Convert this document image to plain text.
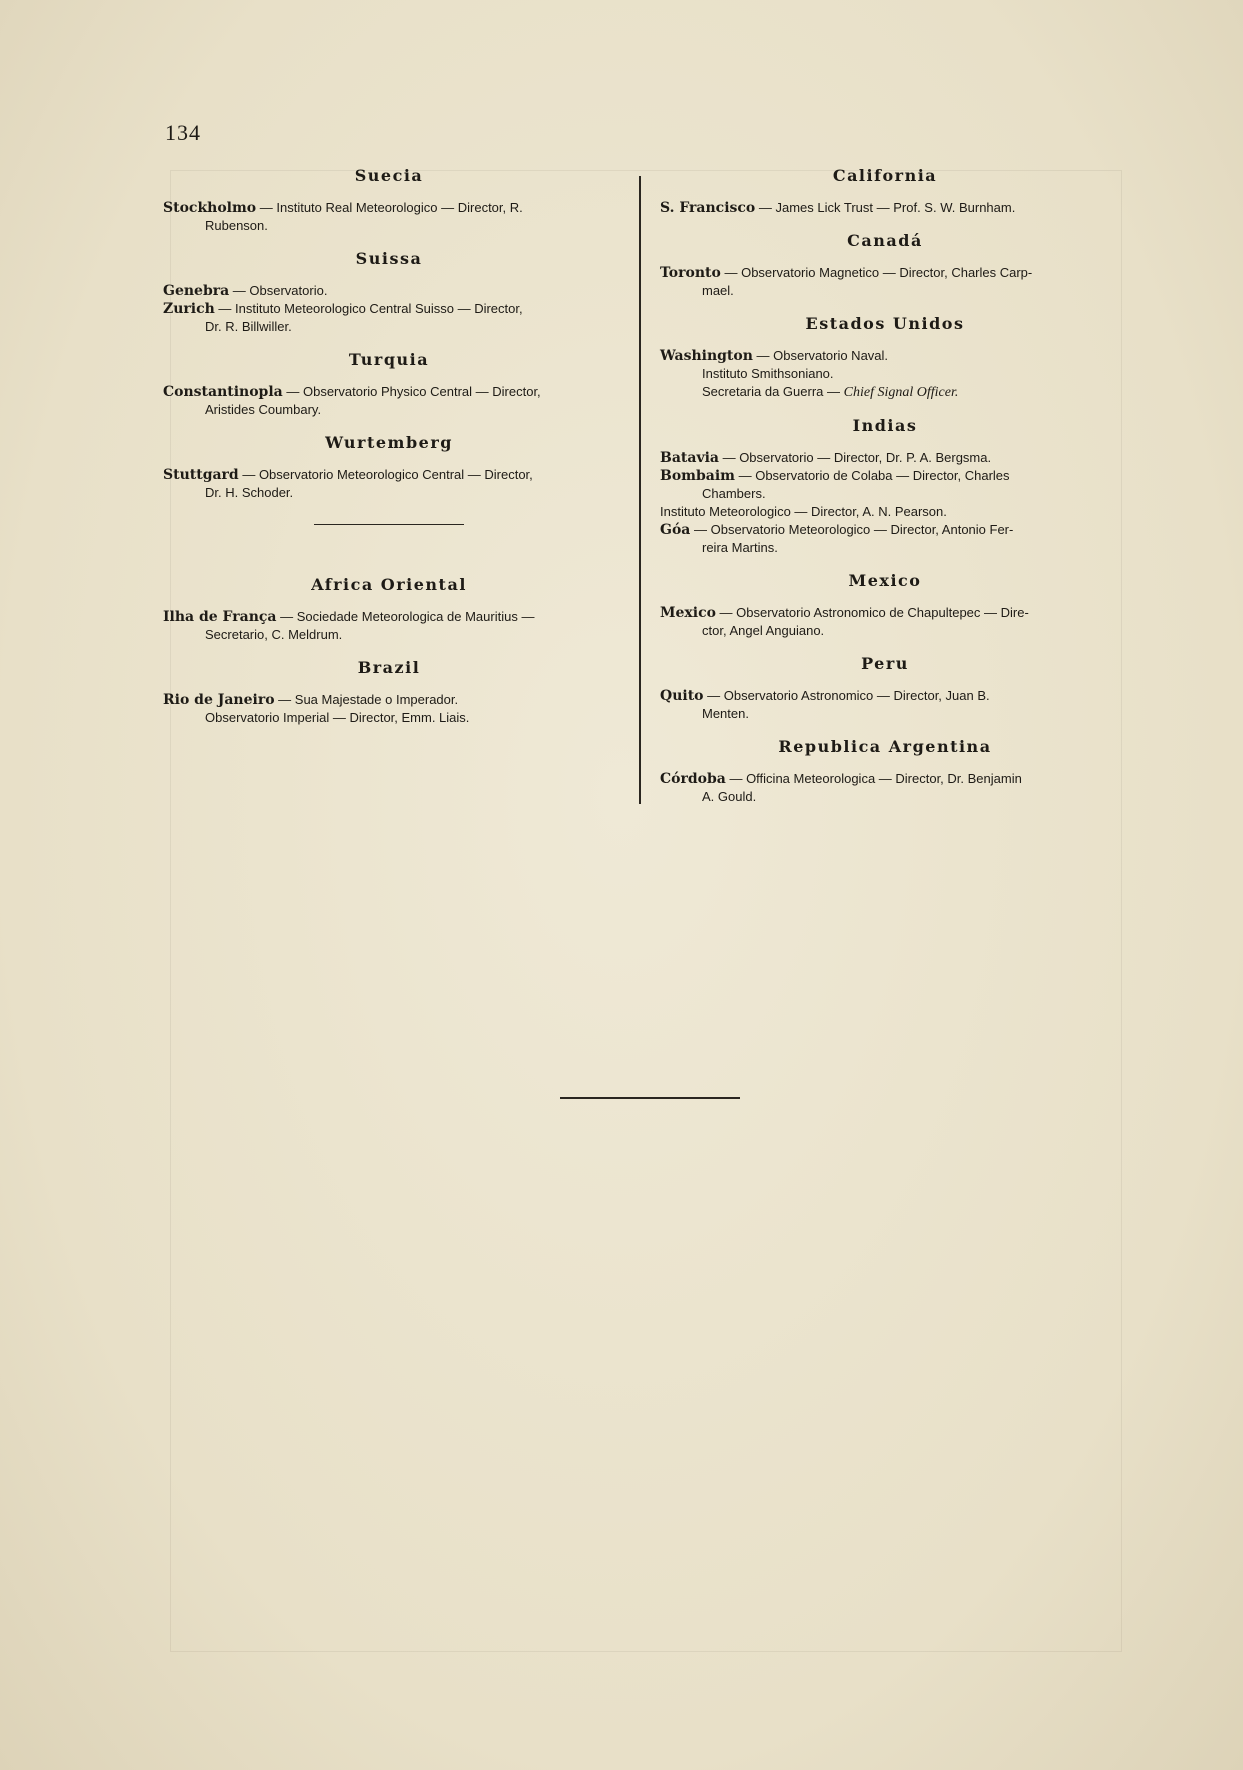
134
Suecia

Stockholmo — Instituto Real Meteorologico — Director, R.
Rubenson.

Suissa

Genebra — Observatorio.

Zurich — Instituto Meteorologico Central Suisso — Director,
Dr. R. Billwiller.

Turquia

Constantinopla — Observatorio Physico Central — Director,
Aristides Coumbary.

Wurtemberg

Stuttgard — Observatorio Meteorologico Central — Director,
Dr. H. Schoder.

Africa Oriental

Ilha de França — Sociedade Meteorologica de Mauritius —
Secretario, C. Meldrum.

Brazil

Rio de Janeiro — Sua Majestade o Imperador.
Observatorio Imperial — Director, Emm. Liais.

California

S. Francisco — James Lick Trust — Prof. S. W. Burnham.

Canadá

Toronto — Observatorio Magnetico — Director, Charles Carp-
mael.

Estados Unidos

Washington — Observatorio Naval.
Instituto Smithsoniano.
Secretaria da Guerra — Chief Signal Officer.

Indias

Batavia — Observatorio — Director, Dr. P. A. Bergsma.

Bombaim — Observatorio de Colaba — Director, Charles
Chambers.

Instituto Meteorologico — Director, A. N. Pearson.

Góa — Observatorio Meteorologico — Director, Antonio Fer-
reira Martins.

Mexico

Mexico — Observatorio Astronomico de Chapultepec — Dire-
ctor, Angel Anguiano.

Peru

Quito — Observatorio Astronomico — Director, Juan B.
Menten.

Republica Argentina

Córdoba — Officina Meteorologica — Director, Dr. Benjamin
A. Gould.
